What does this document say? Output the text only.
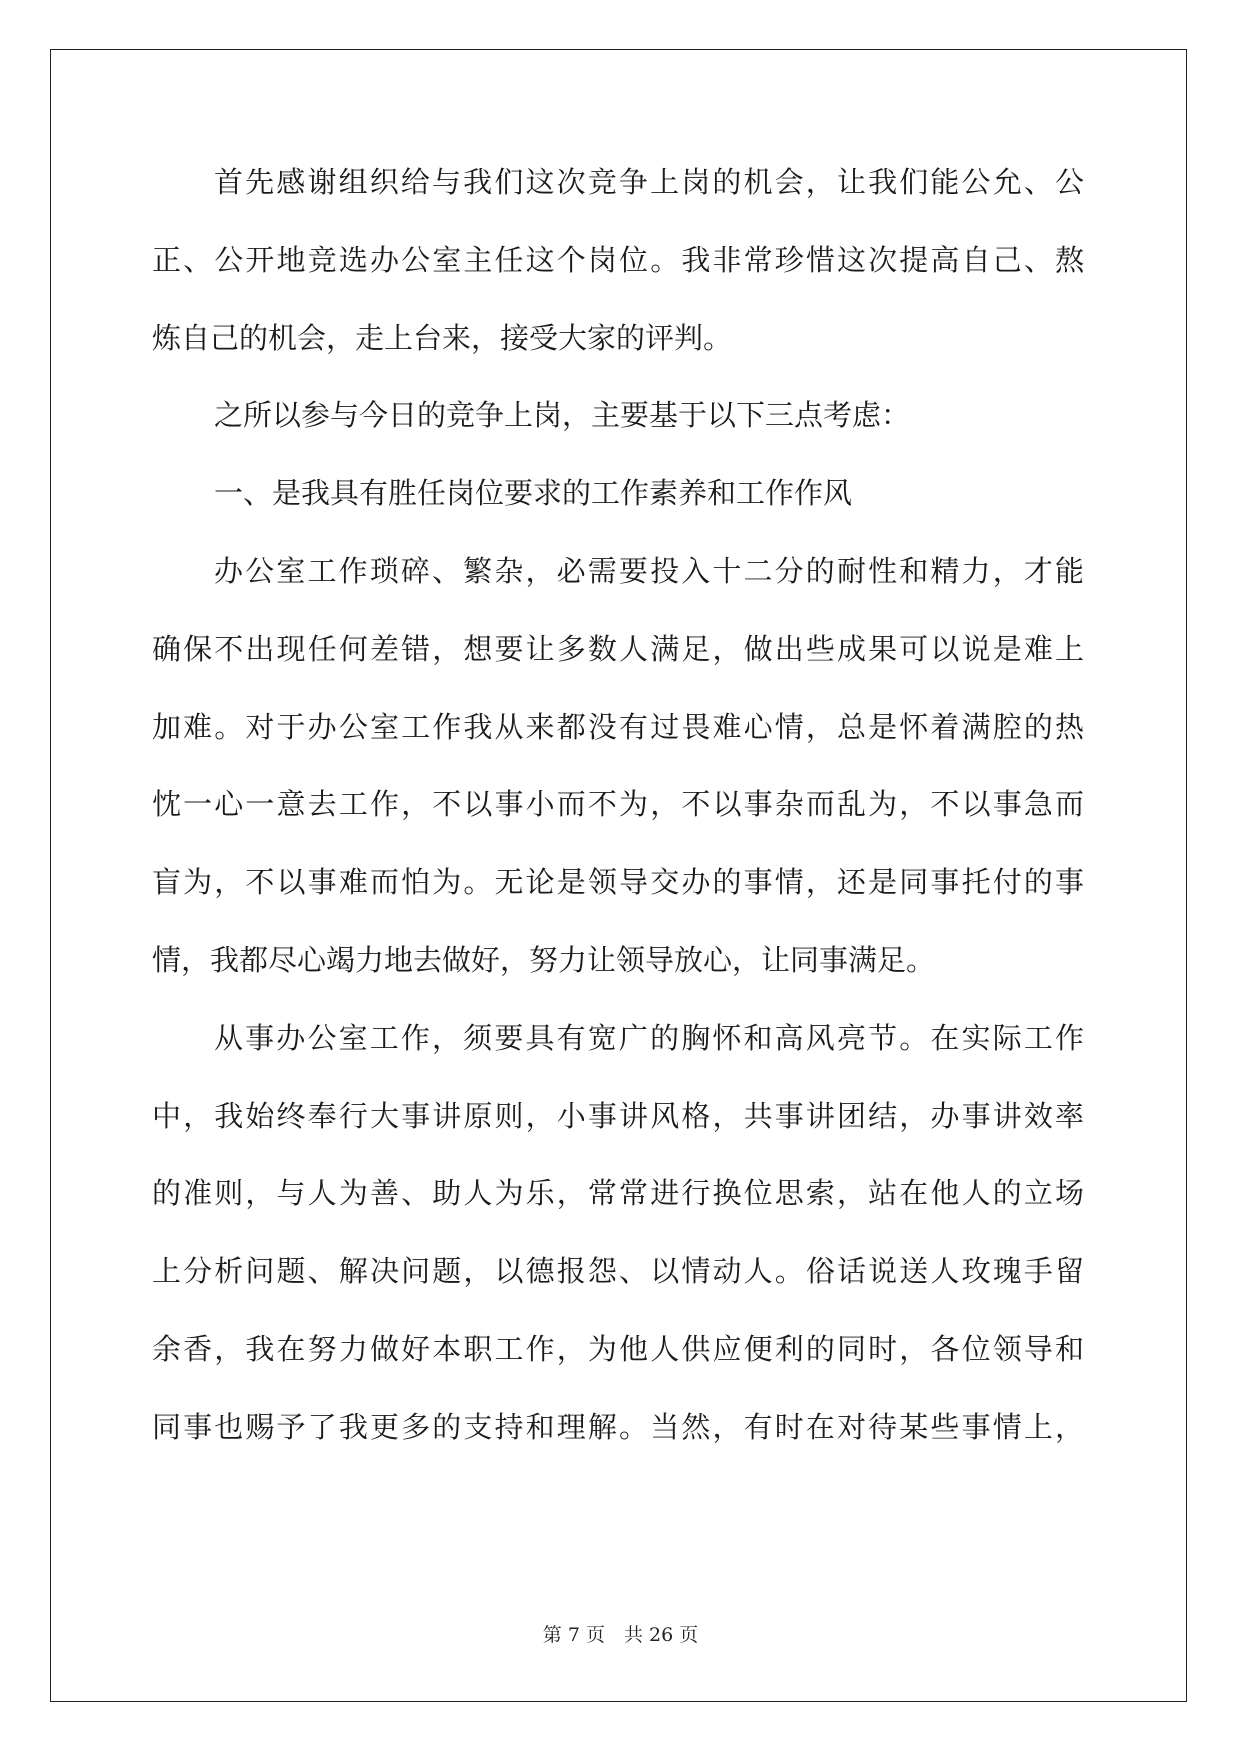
首先感谢组织给与我们这次竞争上岗的机会，让我们能公允、公
正、公开地竞选办公室主任这个岗位。我非常珍惜这次提高自己、熬
炼自己的机会，走上台来，接受大家的评判。
之所以参与今日的竞争上岗，主要基于以下三点考虑：
一、是我具有胜任岗位要求的工作素养和工作作风
办公室工作琐碎、繁杂，必需要投入十二分的耐性和精力，才能
确保不出现任何差错，想要让多数人满足，做出些成果可以说是难上
加难。对于办公室工作我从来都没有过畏难心情，总是怀着满腔的热
忱一心一意去工作，不以事小而不为，不以事杂而乱为，不以事急而
盲为，不以事难而怕为。无论是领导交办的事情，还是同事托付的事
情，我都尽心竭力地去做好，努力让领导放心，让同事满足。
从事办公室工作，须要具有宽广的胸怀和高风亮节。在实际工作
中，我始终奉行大事讲原则，小事讲风格，共事讲团结，办事讲效率
的准则，与人为善、助人为乐，常常进行换位思索，站在他人的立场
上分析问题、解决问题，以德报怨、以情动人。俗话说送人玫瑰手留
余香，我在努力做好本职工作，为他人供应便利的同时，各位领导和
同事也赐予了我更多的支持和理解。当然，有时在对待某些事情上，
第 7 页　共 26 页
